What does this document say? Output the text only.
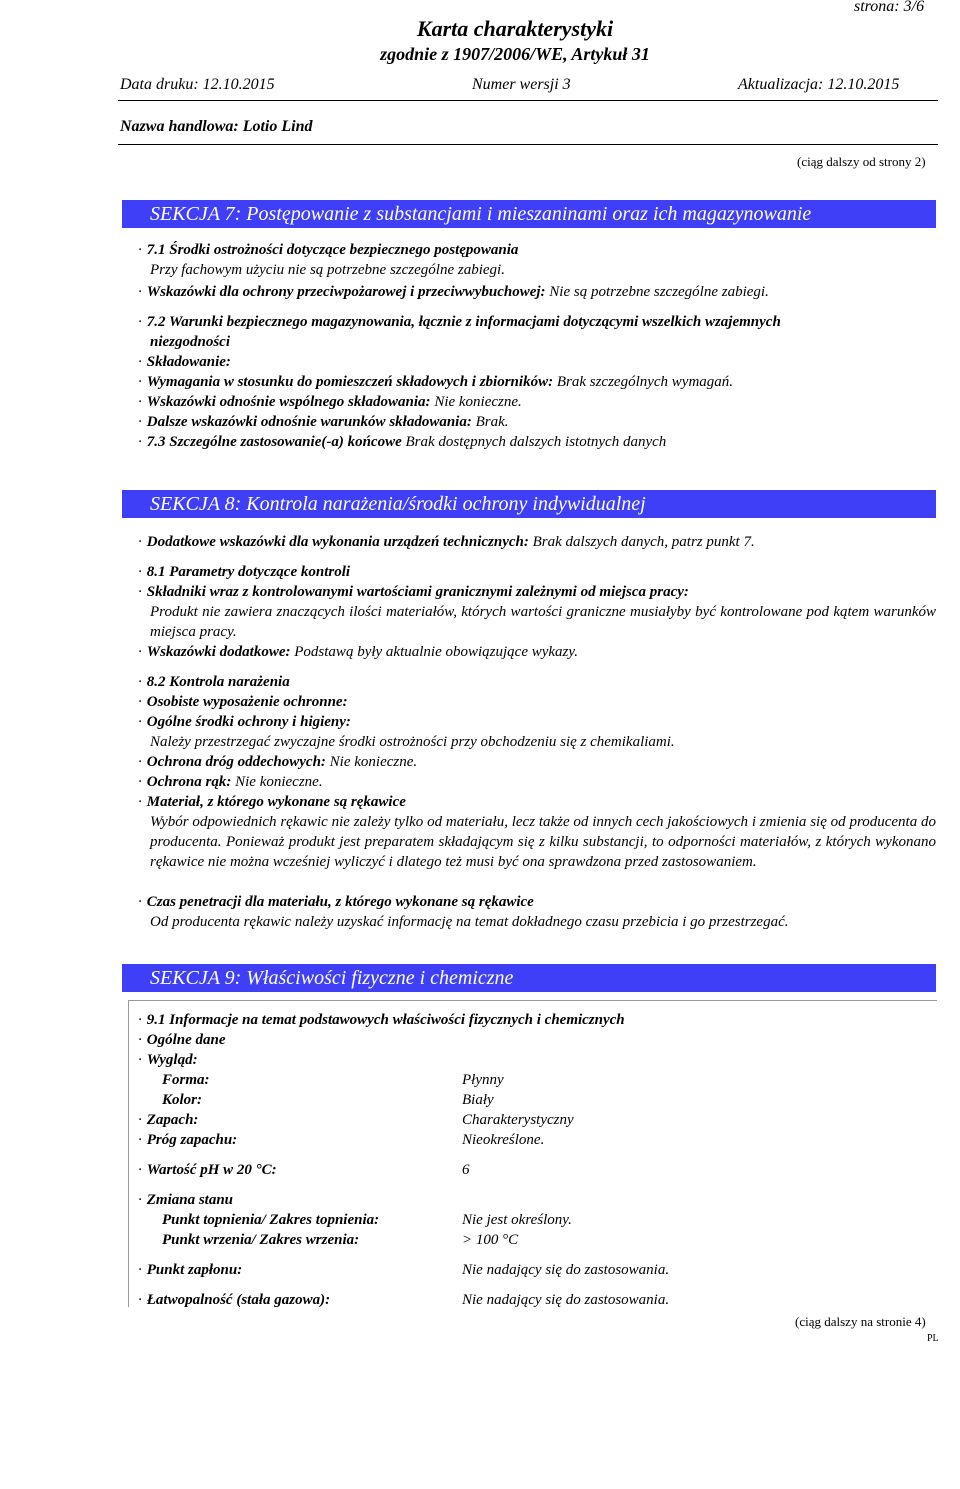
strona: 3/6
Karta charakterystyki
zgodnie z 1907/2006/WE, Artykuł 31
Data druku: 12.10.2015	Numer wersji 3	Aktualizacja: 12.10.2015
Nazwa handlowa: Lotio Lind
(ciąg dalszy od strony 2)
SEKCJA 7: Postępowanie z substancjami i mieszaninami oraz ich magazynowanie
· 7.1 Środki ostrożności dotyczące bezpiecznego postępowania
Przy fachowym użyciu nie są potrzebne szczególne zabiegi.
· Wskazówki dla ochrony przeciwpożarowej i przeciwwybuchowej: Nie są potrzebne szczególne zabiegi.
· 7.2 Warunki bezpiecznego magazynowania, łącznie z informacjami dotyczącymi wszelkich wzajemnych
niezgodności
· Składowanie:
· Wymagania w stosunku do pomieszczeń składowych i zbiorników: Brak szczególnych wymagań.
· Wskazówki odnośnie wspólnego składowania: Nie konieczne.
· Dalsze wskazówki odnośnie warunków składowania: Brak.
· 7.3 Szczególne zastosowanie(-a) końcowe Brak dostępnych dalszych istotnych danych
SEKCJA 8: Kontrola narażenia/środki ochrony indywidualnej
· Dodatkowe wskazówki dla wykonania urządzeń technicznych: Brak dalszych danych, patrz punkt 7.
· 8.1 Parametry dotyczące kontroli
· Składniki wraz z kontrolowanymi wartościami granicznymi zależnymi od miejsca pracy:
Produkt nie zawiera znaczących ilości materiałów, których wartości graniczne musiałyby być kontrolowane pod kątem warunków miejsca pracy.
· Wskazówki dodatkowe: Podstawą były aktualnie obowiązujące wykazy.
· 8.2 Kontrola narażenia
· Osobiste wyposażenie ochronne:
· Ogólne środki ochrony i higieny:
Należy przestrzegać zwyczajne środki ostrożności przy obchodzeniu się z chemikaliami.
· Ochrona dróg oddechowych: Nie konieczne.
· Ochrona rąk: Nie konieczne.
· Materiał, z którego wykonane są rękawice
Wybór odpowiednich rękawic nie zależy tylko od materiału, lecz także od innych cech jakościowych i zmienia się od producenta do producenta. Ponieważ produkt jest preparatem składającym się z kilku substancji, to odporności materiałów, z których wykonano rękawice nie można wcześniej wyliczyć i dlatego też musi być ona sprawdzona przed zastosowaniem.
· Czas penetracji dla materiału, z którego wykonane są rękawice
Od producenta rękawic należy uzyskać informację na temat dokładnego czasu przebicia i go przestrzegać.
SEKCJA 9: Właściwości fizyczne i chemiczne
· 9.1 Informacje na temat podstawowych właściwości fizycznych i chemicznych
· Ogólne dane
· Wygląd:
Forma:	Płynny
Kolor:	Biały
· Zapach:	Charakterystyczny
· Próg zapachu:	Nieokreślone.
· Wartość pH w 20 °C:	6
· Zmiana stanu
Punkt topnienia/ Zakres topnienia:	Nie jest określony.
Punkt wrzenia/ Zakres wrzenia:	> 100 °C
· Punkt zapłonu:	Nie nadający się do zastosowania.
· Łatwopalność (stała gazowa):	Nie nadający się do zastosowania.
(ciąg dalszy na stronie 4)
PL
